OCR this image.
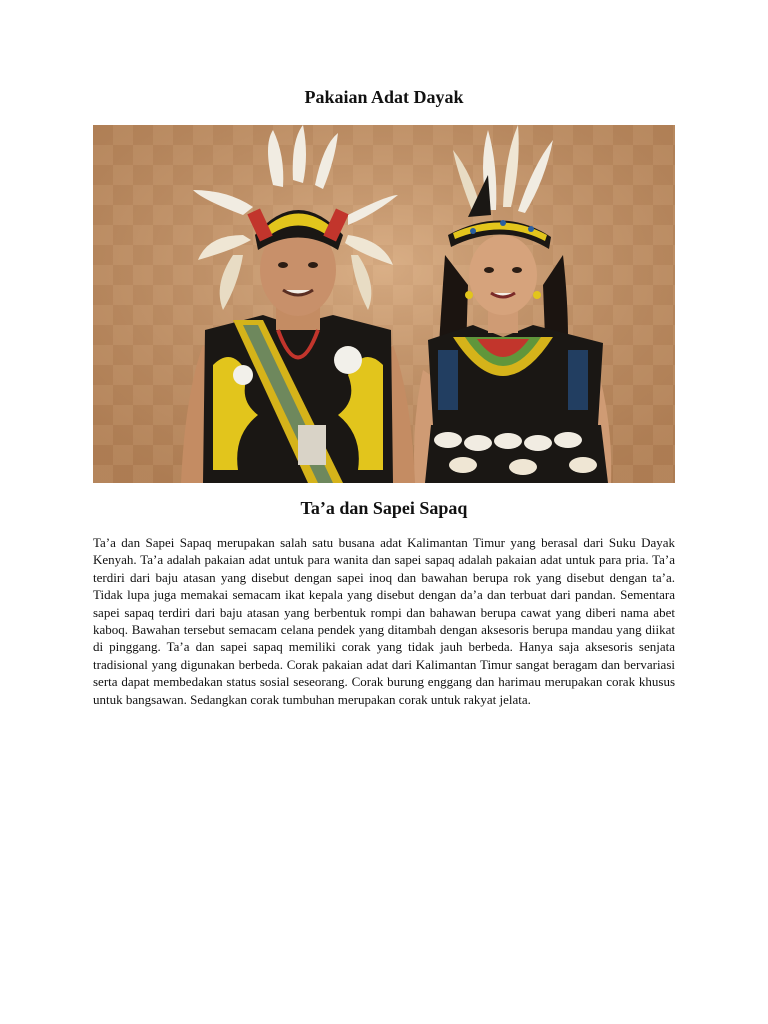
Pakaian Adat Dayak
Ta’a dan Sapei Sapaq

Ta’a dan Sapei Sapaq merupakan salah satu busana adat Kalimantan Timur yang berasal dari Suku Dayak Kenyah. Ta’a adalah pakaian adat untuk para wanita dan sapei sapaq adalah pakaian adat untuk para pria. Ta’a terdiri dari baju atasan yang disebut dengan sapei inoq dan bawahan berupa rok yang disebut dengan ta’a. Tidak lupa juga memakai semacam ikat kepala yang disebut dengan da’a dan terbuat dari pandan. Sementara sapei sapaq terdiri dari baju atasan yang berbentuk rompi dan bahawan berupa cawat yang diberi nama abet kaboq. Bawahan tersebut semacam celana pendek yang ditambah dengan aksesoris berupa mandau yang diikat di pinggang. Ta’a dan sapei sapaq memiliki corak yang tidak jauh berbeda. Hanya saja aksesoris senjata tradisional yang digunakan berbeda. Corak pakaian adat dari Kalimantan Timur sangat beragam dan bervariasi serta dapat membedakan status sosial seseorang. Corak burung enggang dan harimau merupakan corak khusus untuk bangsawan. Sedangkan corak tumbuhan merupakan corak untuk rakyat jelata.
